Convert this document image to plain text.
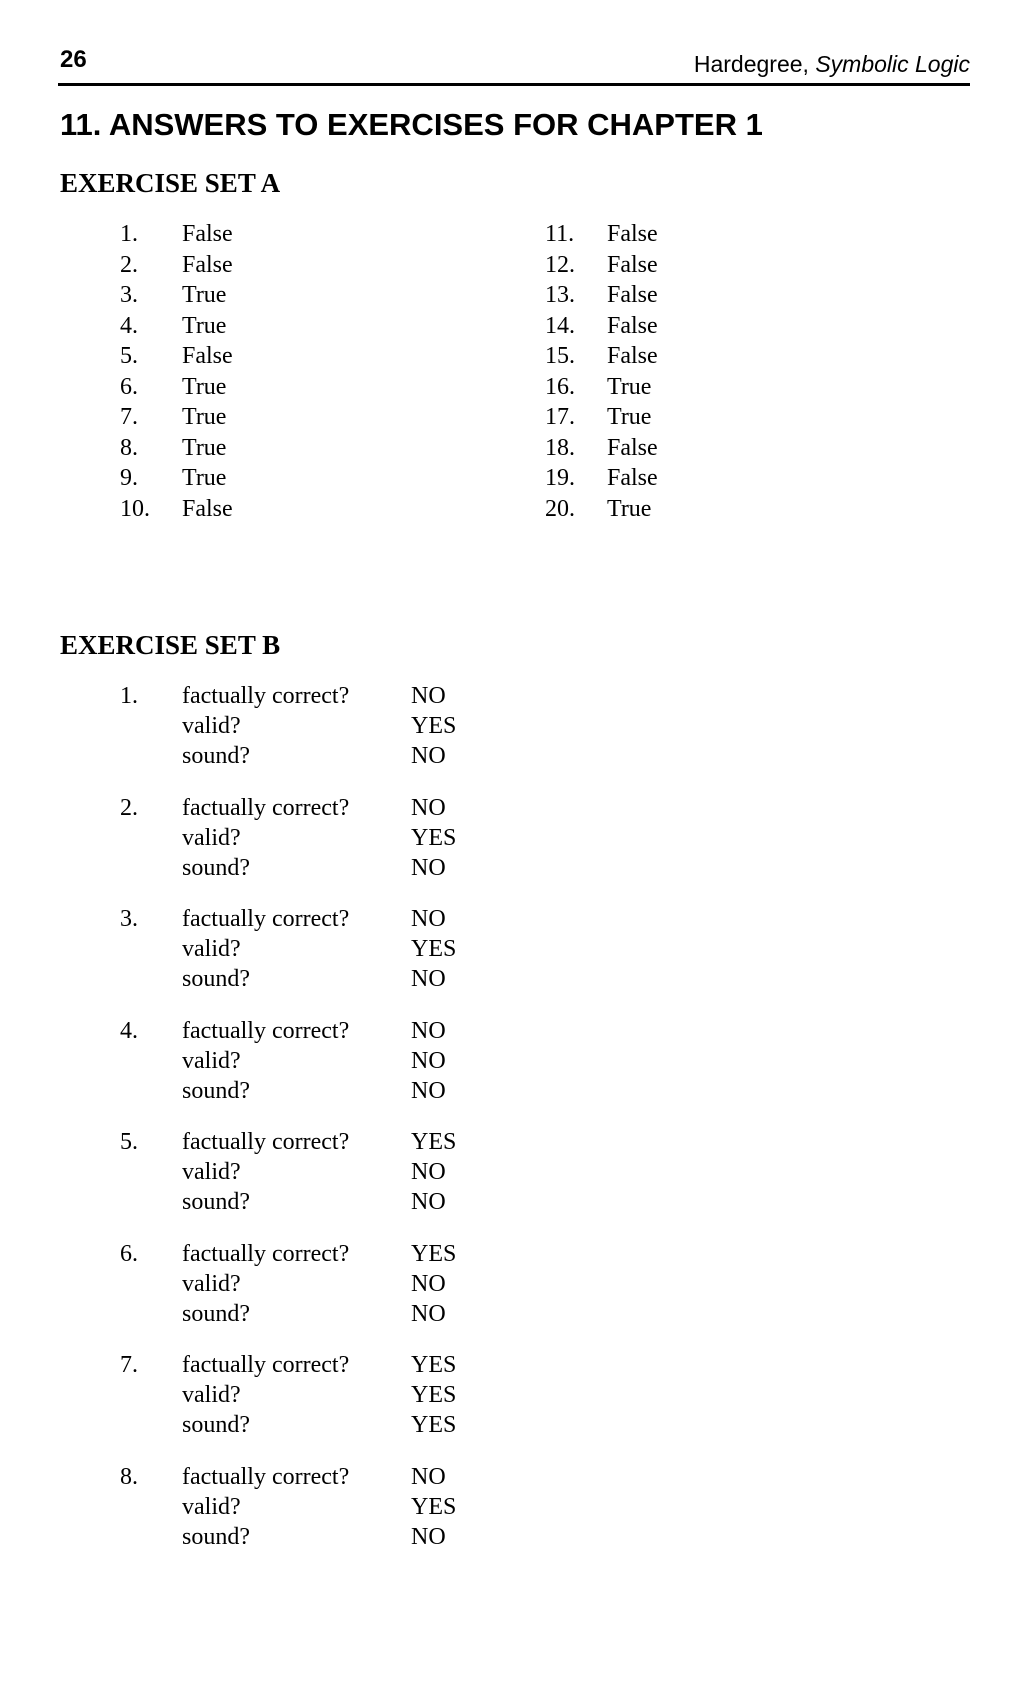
26	Hardegree, Symbolic Logic
11. ANSWERS TO EXERCISES FOR CHAPTER 1
EXERCISE SET A
1. False
2. False
3. True
4. True
5. False
6. True
7. True
8. True
9. True
10. False
11. False
12. False
13. False
14. False
15. False
16. True
17. True
18. False
19. False
20. True
EXERCISE SET B
1. factually correct?	NO
valid?	YES
sound?	NO
2. factually correct?	NO
valid?	YES
sound?	NO
3. factually correct?	NO
valid?	YES
sound?	NO
4. factually correct?	NO
valid?	NO
sound?	NO
5. factually correct?	YES
valid?	NO
sound?	NO
6. factually correct?	YES
valid?	NO
sound?	NO
7. factually correct?	YES
valid?	YES
sound?	YES
8. factually correct?	NO
valid?	YES
sound?	NO
